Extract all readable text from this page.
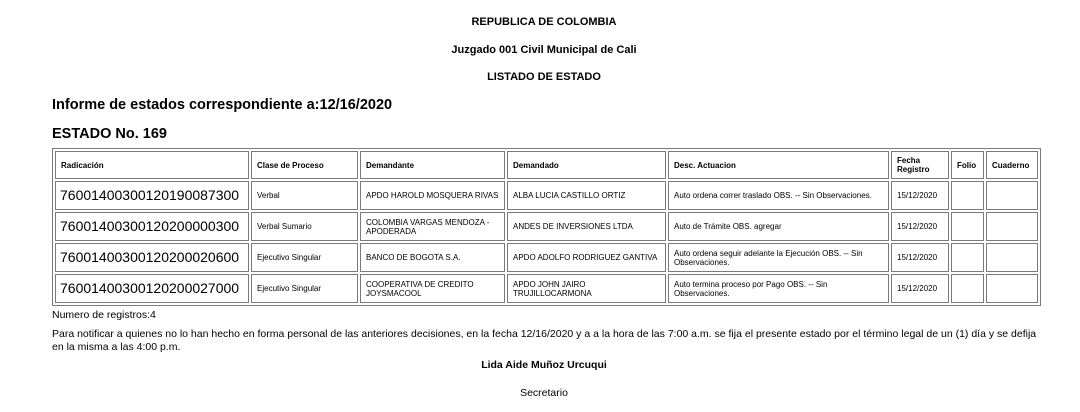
REPUBLICA DE COLOMBIA
Juzgado 001 Civil Municipal de Cali
LISTADO DE ESTADO
Informe de estados correspondiente a:12/16/2020
ESTADO No. 169
Radicación	Clase de Proceso	Demandante	Demandado	Desc. Actuacion	Fecha Registro	Folio	Cuaderno
76001400300120190087300	Verbal	APDO HAROLD MOSQUERA RIVAS	ALBA LUCIA CASTILLO ORTIZ	Auto ordena correr traslado OBS. -- Sin Observaciones.	15/12/2020		
76001400300120200000300	Verbal Sumario	COLOMBIA VARGAS MENDOZA - APODERADA	ANDES DE INVERSIONES LTDA	Auto de Trámite OBS. agregar	15/12/2020		
76001400300120200020600	Ejecutivo Singular	BANCO DE BOGOTA S.A.	APDO ADOLFO RODRIGUEZ GANTIVA	Auto ordena seguir adelante la Ejecución OBS. -- Sin Observaciones.	15/12/2020		
76001400300120200027000	Ejecutivo Singular	COOPERATIVA DE CREDITO JOYSMACOOL	APDO JOHN JAIRO TRUJILLOCARMONA	Auto termina proceso por Pago OBS. -- Sin Observaciones.	15/12/2020		
Numero de registros:4
Para notificar a quienes no lo han hecho en forma personal de las anteriores decisiones, en la fecha 12/16/2020 y a a la hora de las 7:00 a.m. se fija el presente estado por el término legal de un (1) día y se defija en la misma a las 4:00 p.m.
Lida Aide Muñoz Urcuqui
Secretario
